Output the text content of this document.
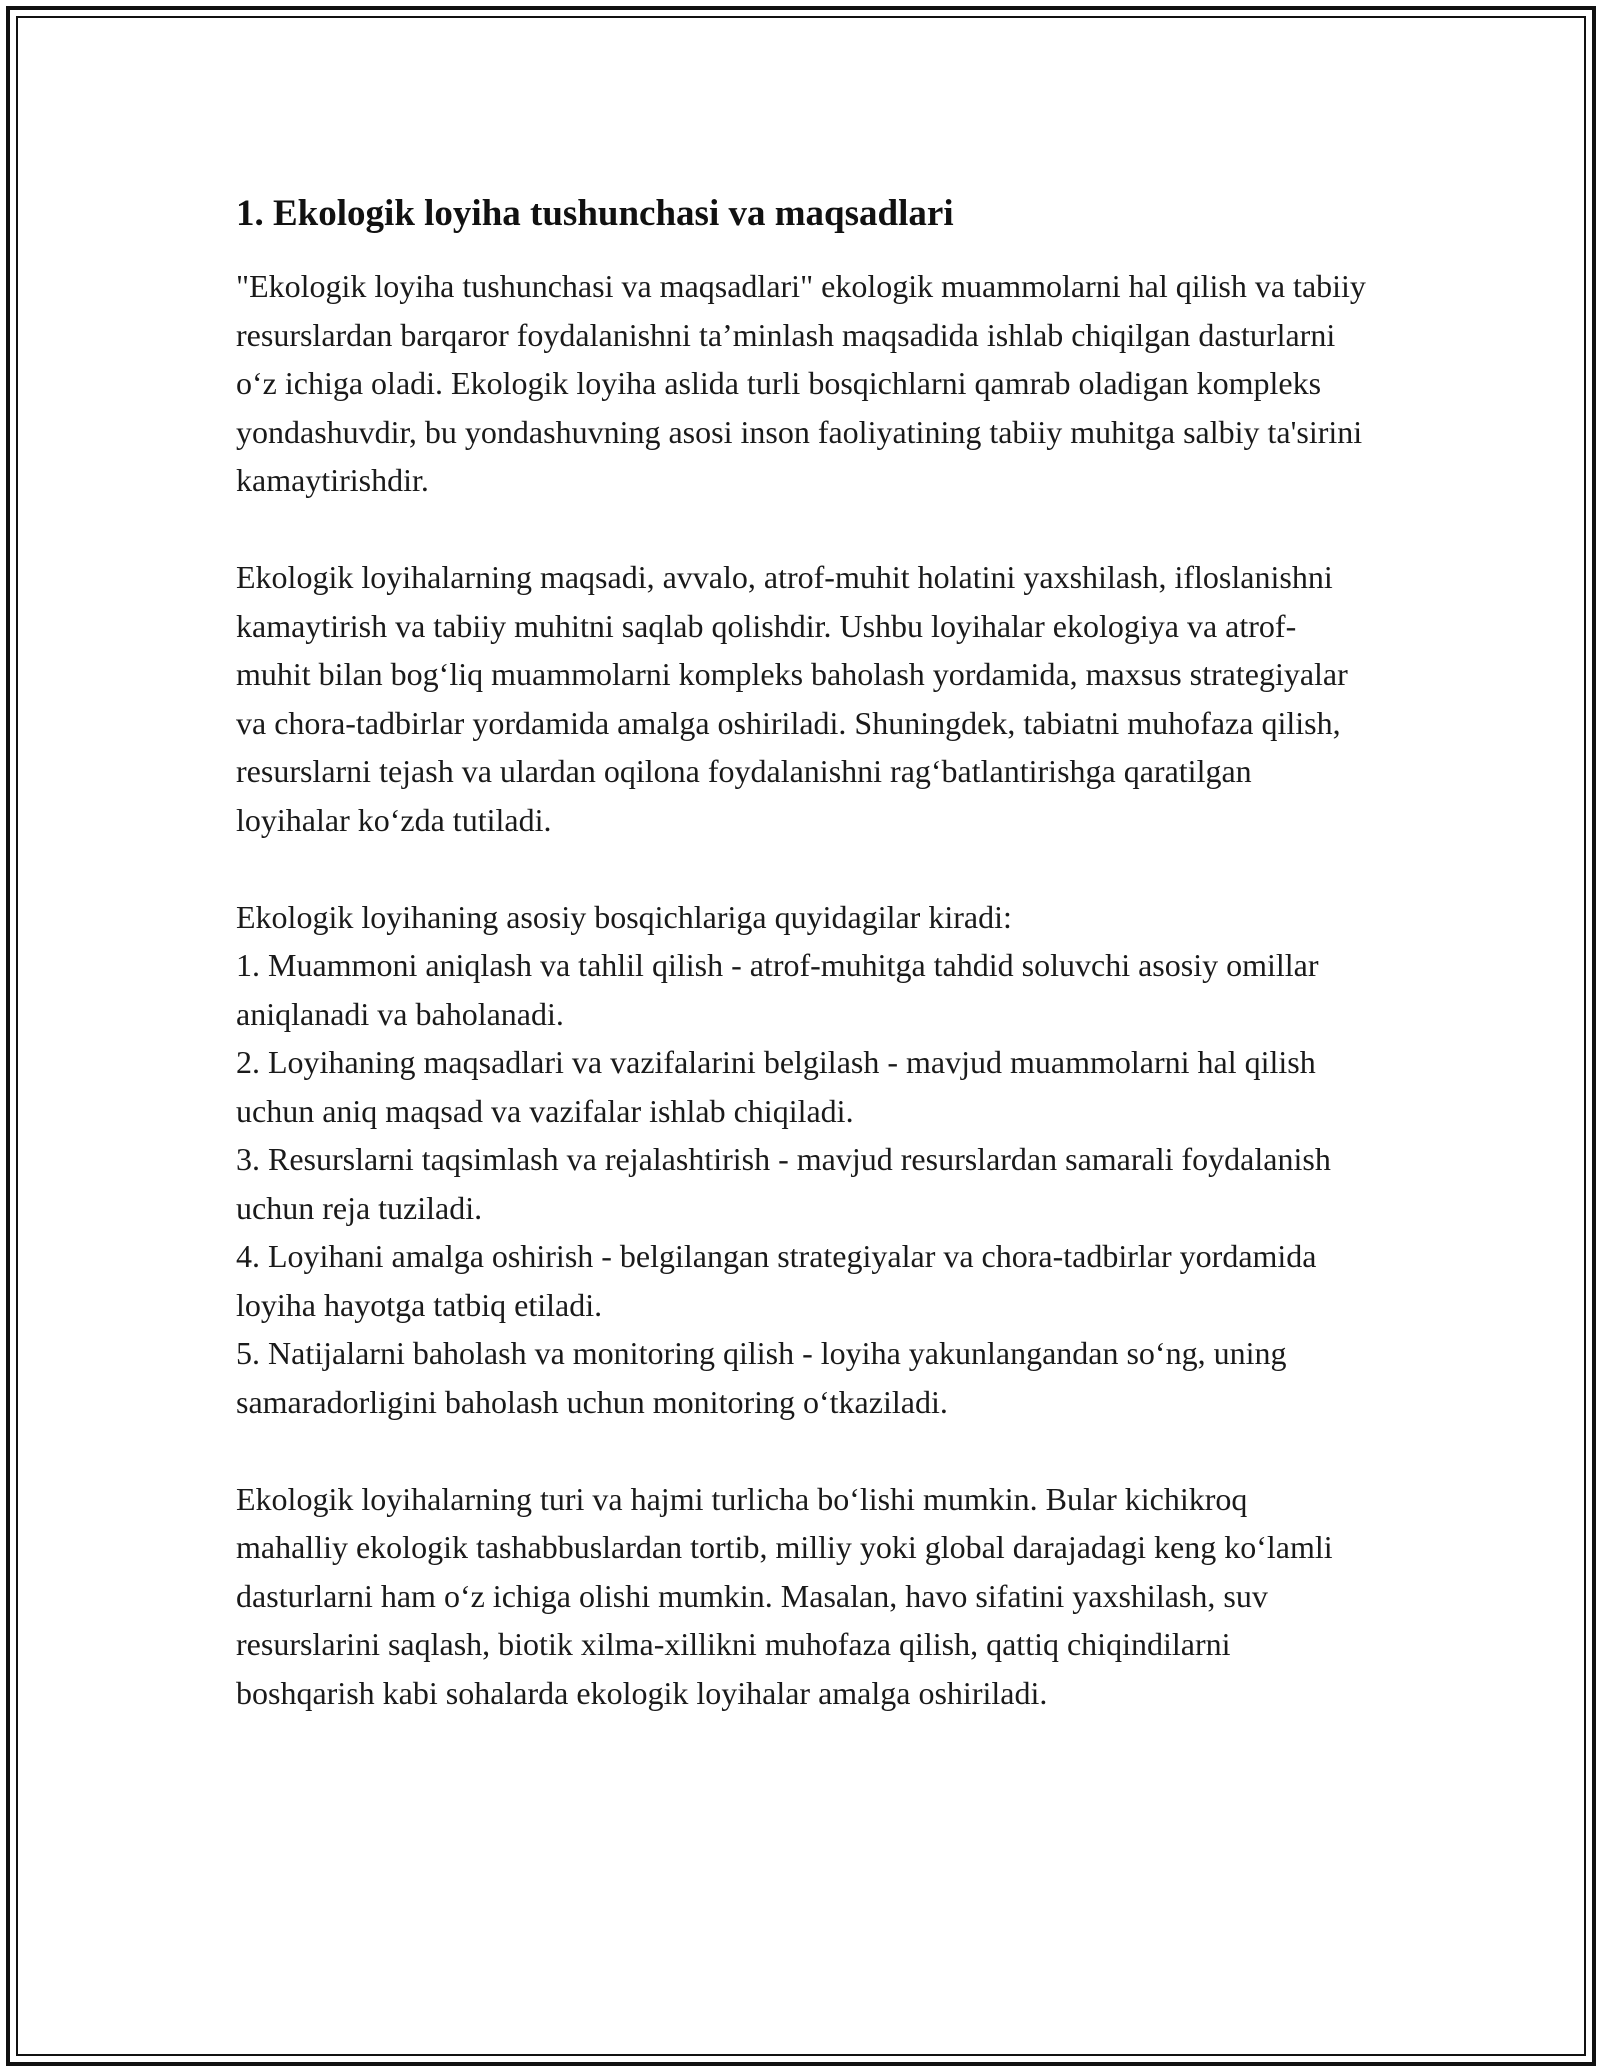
1. Ekologik loyiha tushunchasi va maqsadlari

"Ekologik loyiha tushunchasi va maqsadlari" ekologik muammolarni hal qilish va tabiiy resurslardan barqaror foydalanishni ta’minlash maqsadida ishlab chiqilgan dasturlarni o‘z ichiga oladi. Ekologik loyiha aslida turli bosqichlarni qamrab oladigan kompleks yondashuvdir, bu yondashuvning asosi inson faoliyatining tabiiy muhitga salbiy ta'sirini kamaytirishdir.

Ekologik loyihalarning maqsadi, avvalo, atrof-muhit holatini yaxshilash, ifloslanishni kamaytirish va tabiiy muhitni saqlab qolishdir. Ushbu loyihalar ekologiya va atrof-muhit bilan bog‘liq muammolarni kompleks baholash yordamida, maxsus strategiyalar va chora-tadbirlar yordamida amalga oshiriladi. Shuningdek, tabiatni muhofaza qilish, resurslarni tejash va ulardan oqilona foydalanishni rag‘batlantirishga qaratilgan loyihalar ko‘zda tutiladi.

Ekologik loyihaning asosiy bosqichlariga quyidagilar kiradi:
1. Muammoni aniqlash va tahlil qilish - atrof-muhitga tahdid soluvchi asosiy omillar aniqlanadi va baholanadi.
2. Loyihaning maqsadlari va vazifalarini belgilash - mavjud muammolarni hal qilish uchun aniq maqsad va vazifalar ishlab chiqiladi.
3. Resurslarni taqsimlash va rejalashtirish - mavjud resurslardan samarali foydalanish uchun reja tuziladi.
4. Loyihani amalga oshirish - belgilangan strategiyalar va chora-tadbirlar yordamida loyiha hayotga tatbiq etiladi.
5. Natijalarni baholash va monitoring qilish - loyiha yakunlangandan so‘ng, uning samaradorligini baholash uchun monitoring o‘tkaziladi.

Ekologik loyihalarning turi va hajmi turlicha bo‘lishi mumkin. Bular kichikroq mahalliy ekologik tashabbuslardan tortib, milliy yoki global darajadagi keng ko‘lamli dasturlarni ham o‘z ichiga olishi mumkin. Masalan, havo sifatini yaxshilash, suv resurslarini saqlash, biotik xilma-xillikni muhofaza qilish, qattiq chiqindilarni boshqarish kabi sohalarda ekologik loyihalar amalga oshiriladi.
